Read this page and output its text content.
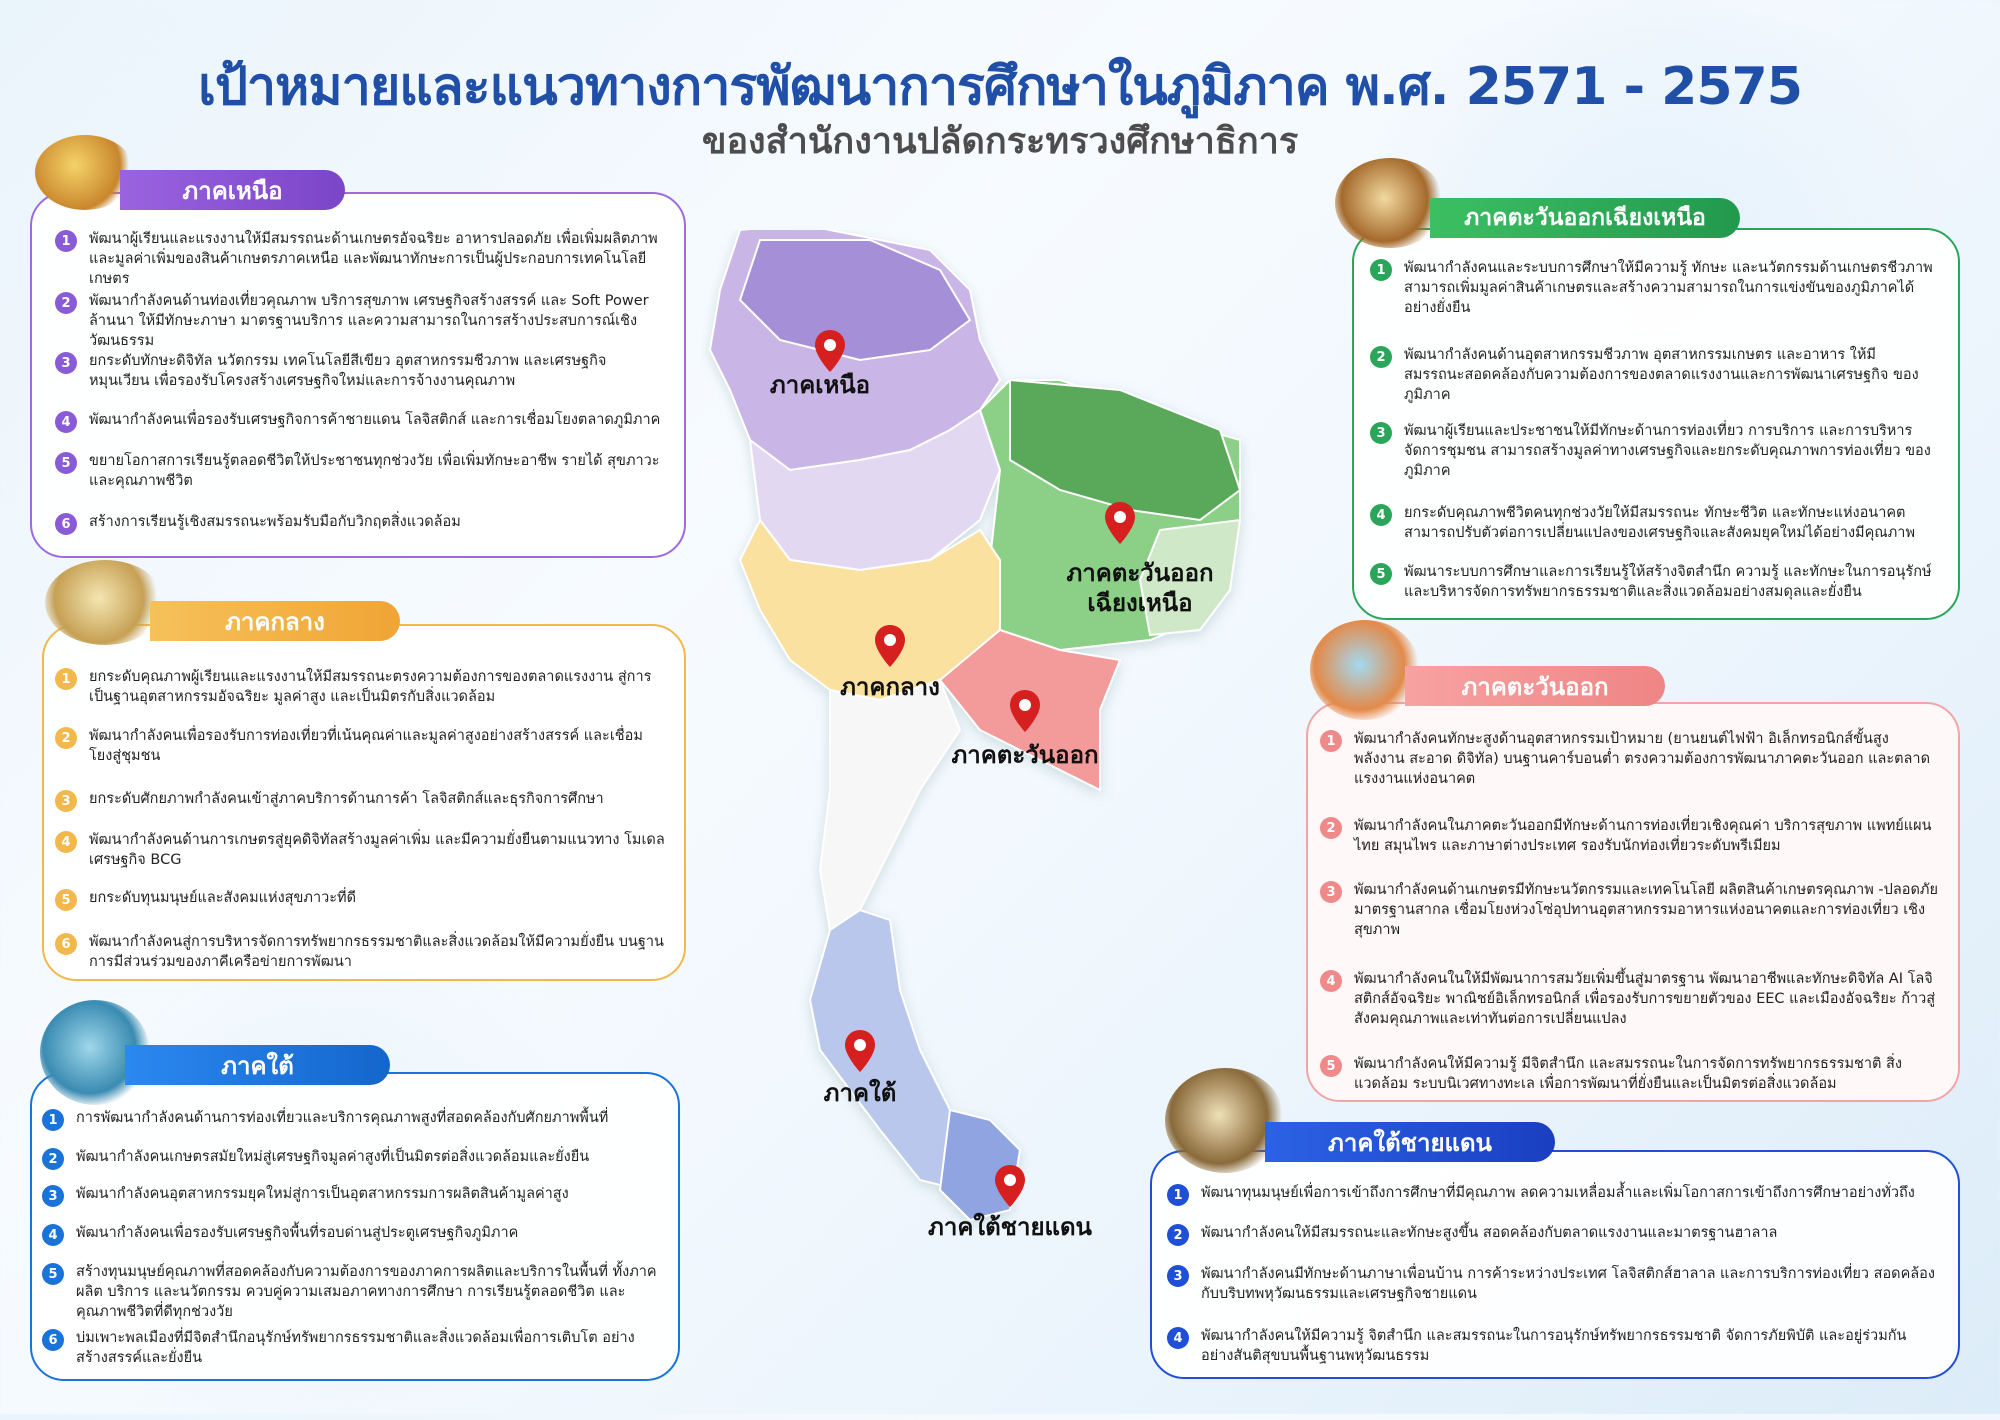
เป้าหมายและแนวทางการพัฒนาการศึกษาในภูมิภาค พ.ศ. 2571 - 2575
ของสำนักงานปลัดกระทรวงศึกษาธิการ
ภาคเหนือ
ภาคตะวันออก
เฉียงเหนือ
ภาคกลาง
ภาคตะวันออก
ภาคใต้
ภาคใต้ชายแดน
ภาคเหนือ
1	พัฒนาผู้เรียนและแรงงานให้มีสมรรถนะด้านเกษตรอัจฉริยะ อาหารปลอดภัย เพื่อเพิ่มผลิตภาพ และมูลค่าเพิ่มของสินค้าเกษตรภาคเหนือ และพัฒนาทักษะการเป็นผู้ประกอบการเทคโนโลยีเกษตร
2	พัฒนากำลังคนด้านท่องเที่ยวคุณภาพ บริการสุขภาพ เศรษฐกิจสร้างสรรค์ และ Soft Power ล้านนา ให้มีทักษะภาษา มาตรฐานบริการ และความสามารถในการสร้างประสบการณ์เชิงวัฒนธรรม
3	ยกระดับทักษะดิจิทัล นวัตกรรม เทคโนโลยีสีเขียว อุตสาหกรรมชีวภาพ และเศรษฐกิจหมุนเวียน เพื่อรองรับโครงสร้างเศรษฐกิจใหม่และการจ้างงานคุณภาพ
4	พัฒนากำลังคนเพื่อรองรับเศรษฐกิจการค้าชายแดน โลจิสติกส์ และการเชื่อมโยงตลาดภูมิภาค
5	ขยายโอกาสการเรียนรู้ตลอดชีวิตให้ประชาชนทุกช่วงวัย เพื่อเพิ่มทักษะอาชีพ รายได้ สุขภาวะ และคุณภาพชีวิต
6	สร้างการเรียนรู้เชิงสมรรถนะพร้อมรับมือกับวิกฤตสิ่งแวดล้อม
ภาคกลาง
1	ยกระดับคุณภาพผู้เรียนและแรงงานให้มีสมรรถนะตรงความต้องการของตลาดแรงงาน สู่การเป็นฐานอุตสาหกรรมอัจฉริยะ มูลค่าสูง และเป็นมิตรกับสิ่งแวดล้อม
2	พัฒนากำลังคนเพื่อรองรับการท่องเที่ยวที่เน้นคุณค่าและมูลค่าสูงอย่างสร้างสรรค์ และเชื่อมโยงสู่ชุมชน
3	ยกระดับศักยภาพกำลังคนเข้าสู่ภาคบริการด้านการค้า โลจิสติกส์และธุรกิจการศึกษา
4	พัฒนากำลังคนด้านการเกษตรสู่ยุคดิจิทัลสร้างมูลค่าเพิ่ม และมีความยั่งยืนตามแนวทาง โมเดลเศรษฐกิจ BCG
5	ยกระดับทุนมนุษย์และสังคมแห่งสุขภาวะที่ดี
6	พัฒนากำลังคนสู่การบริหารจัดการทรัพยากรธรรมชาติและสิ่งแวดล้อมให้มีความยั่งยืน บนฐานการมีส่วนร่วมของภาคีเครือข่ายการพัฒนา
ภาคใต้
1	การพัฒนากำลังคนด้านการท่องเที่ยวและบริการคุณภาพสูงที่สอดคล้องกับศักยภาพพื้นที่
2	พัฒนากำลังคนเกษตรสมัยใหม่สู่เศรษฐกิจมูลค่าสูงที่เป็นมิตรต่อสิ่งแวดล้อมและยั่งยืน
3	พัฒนากำลังคนอุตสาหกรรมยุคใหม่สู่การเป็นอุตสาหกรรมการผลิตสินค้ามูลค่าสูง
4	พัฒนากำลังคนเพื่อรองรับเศรษฐกิจพื้นที่รอบด่านสู่ประตูเศรษฐกิจภูมิภาค
5	สร้างทุนมนุษย์คุณภาพที่สอดคล้องกับความต้องการของภาคการผลิตและบริการในพื้นที่ ทั้งภาคผลิต บริการ และนวัตกรรม ควบคู่ความเสมอภาคทางการศึกษา การเรียนรู้ตลอดชีวิต และคุณภาพชีวิตที่ดีทุกช่วงวัย
6	บ่มเพาะพลเมืองที่มีจิตสำนึกอนุรักษ์ทรัพยากรธรรมชาติและสิ่งแวดล้อมเพื่อการเติบโต อย่างสร้างสรรค์และยั่งยืน
ภาคตะวันออกเฉียงเหนือ
1	พัฒนากำลังคนและระบบการศึกษาให้มีความรู้ ทักษะ และนวัตกรรมด้านเกษตรชีวภาพ สามารถเพิ่มมูลค่าสินค้าเกษตรและสร้างความสามารถในการแข่งขันของภูมิภาคได้ อย่างยั่งยืน
2	พัฒนากำลังคนด้านอุตสาหกรรมชีวภาพ อุตสาหกรรมเกษตร และอาหาร ให้มี สมรรถนะสอดคล้องกับความต้องการของตลาดแรงงานและการพัฒนาเศรษฐกิจ ของภูมิภาค
3	พัฒนาผู้เรียนและประชาชนให้มีทักษะด้านการท่องเที่ยว การบริการ และการบริหาร จัดการชุมชน สามารถสร้างมูลค่าทางเศรษฐกิจและยกระดับคุณภาพการท่องเที่ยว ของภูมิภาค
4	ยกระดับคุณภาพชีวิตคนทุกช่วงวัยให้มีสมรรถนะ ทักษะชีวิต และทักษะแห่งอนาคต สามารถปรับตัวต่อการเปลี่ยนแปลงของเศรษฐกิจและสังคมยุคใหม่ได้อย่างมีคุณภาพ
5	พัฒนาระบบการศึกษาและการเรียนรู้ให้สร้างจิตสำนึก ความรู้ และทักษะในการอนุรักษ์ และบริหารจัดการทรัพยากรธรรมชาติและสิ่งแวดล้อมอย่างสมดุลและยั่งยืน
ภาคตะวันออก
1	พัฒนากำลังคนทักษะสูงด้านอุตสาหกรรมเป้าหมาย (ยานยนต์ไฟฟ้า อิเล็กทรอนิกส์ขั้นสูง พลังงาน สะอาด ดิจิทัล) บนฐานคาร์บอนต่ำ ตรงความต้องการพัฒนาภาคตะวันออก และตลาดแรงงานแห่งอนาคต
2	พัฒนากำลังคนในภาคตะวันออกมีทักษะด้านการท่องเที่ยวเชิงคุณค่า บริการสุขภาพ แพทย์แผนไทย สมุนไพร และภาษาต่างประเทศ รองรับนักท่องเที่ยวระดับพรีเมียม
3	พัฒนากำลังคนด้านเกษตรมีทักษะนวัตกรรมและเทคโนโลยี ผลิตสินค้าเกษตรคุณภาพ -ปลอดภัย มาตรฐานสากล เชื่อมโยงห่วงโซ่อุปทานอุตสาหกรรมอาหารแห่งอนาคตและการท่องเที่ยว เชิงสุขภาพ
4	พัฒนากำลังคนในให้มีพัฒนาการสมวัยเพิ่มขึ้นสู่มาตรฐาน พัฒนาอาชีพและทักษะดิจิทัล AI โลจิสติกส์อัจฉริยะ พาณิชย์อิเล็กทรอนิกส์ เพื่อรองรับการขยายตัวของ EEC และเมืองอัจฉริยะ ก้าวสู่สังคมคุณภาพและเท่าทันต่อการเปลี่ยนแปลง
5	พัฒนากำลังคนให้มีความรู้ มีจิตสำนึก และสมรรถนะในการจัดการทรัพยากรธรรมชาติ สิ่งแวดล้อม ระบบนิเวศทางทะเล เพื่อการพัฒนาที่ยั่งยืนและเป็นมิตรต่อสิ่งแวดล้อม
ภาคใต้ชายแดน
1	พัฒนาทุนมนุษย์เพื่อการเข้าถึงการศึกษาที่มีคุณภาพ ลดความเหลื่อมล้ำและเพิ่มโอกาสการเข้าถึงการศึกษาอย่างทั่วถึง
2	พัฒนากำลังคนให้มีสมรรถนะและทักษะสูงขึ้น สอดคล้องกับตลาดแรงงานและมาตรฐานฮาลาล
3	พัฒนากำลังคนมีทักษะด้านภาษาเพื่อนบ้าน การค้าระหว่างประเทศ โลจิสติกส์ฮาลาล และการบริการท่องเที่ยว สอดคล้องกับบริบทพหุวัฒนธรรมและเศรษฐกิจชายแดน
4	พัฒนากำลังคนให้มีความรู้ จิตสำนึก และสมรรถนะในการอนุรักษ์ทรัพยากรธรรมชาติ จัดการภัยพิบัติ และอยู่ร่วมกัน อย่างสันติสุขบนพื้นฐานพหุวัฒนธรรม
